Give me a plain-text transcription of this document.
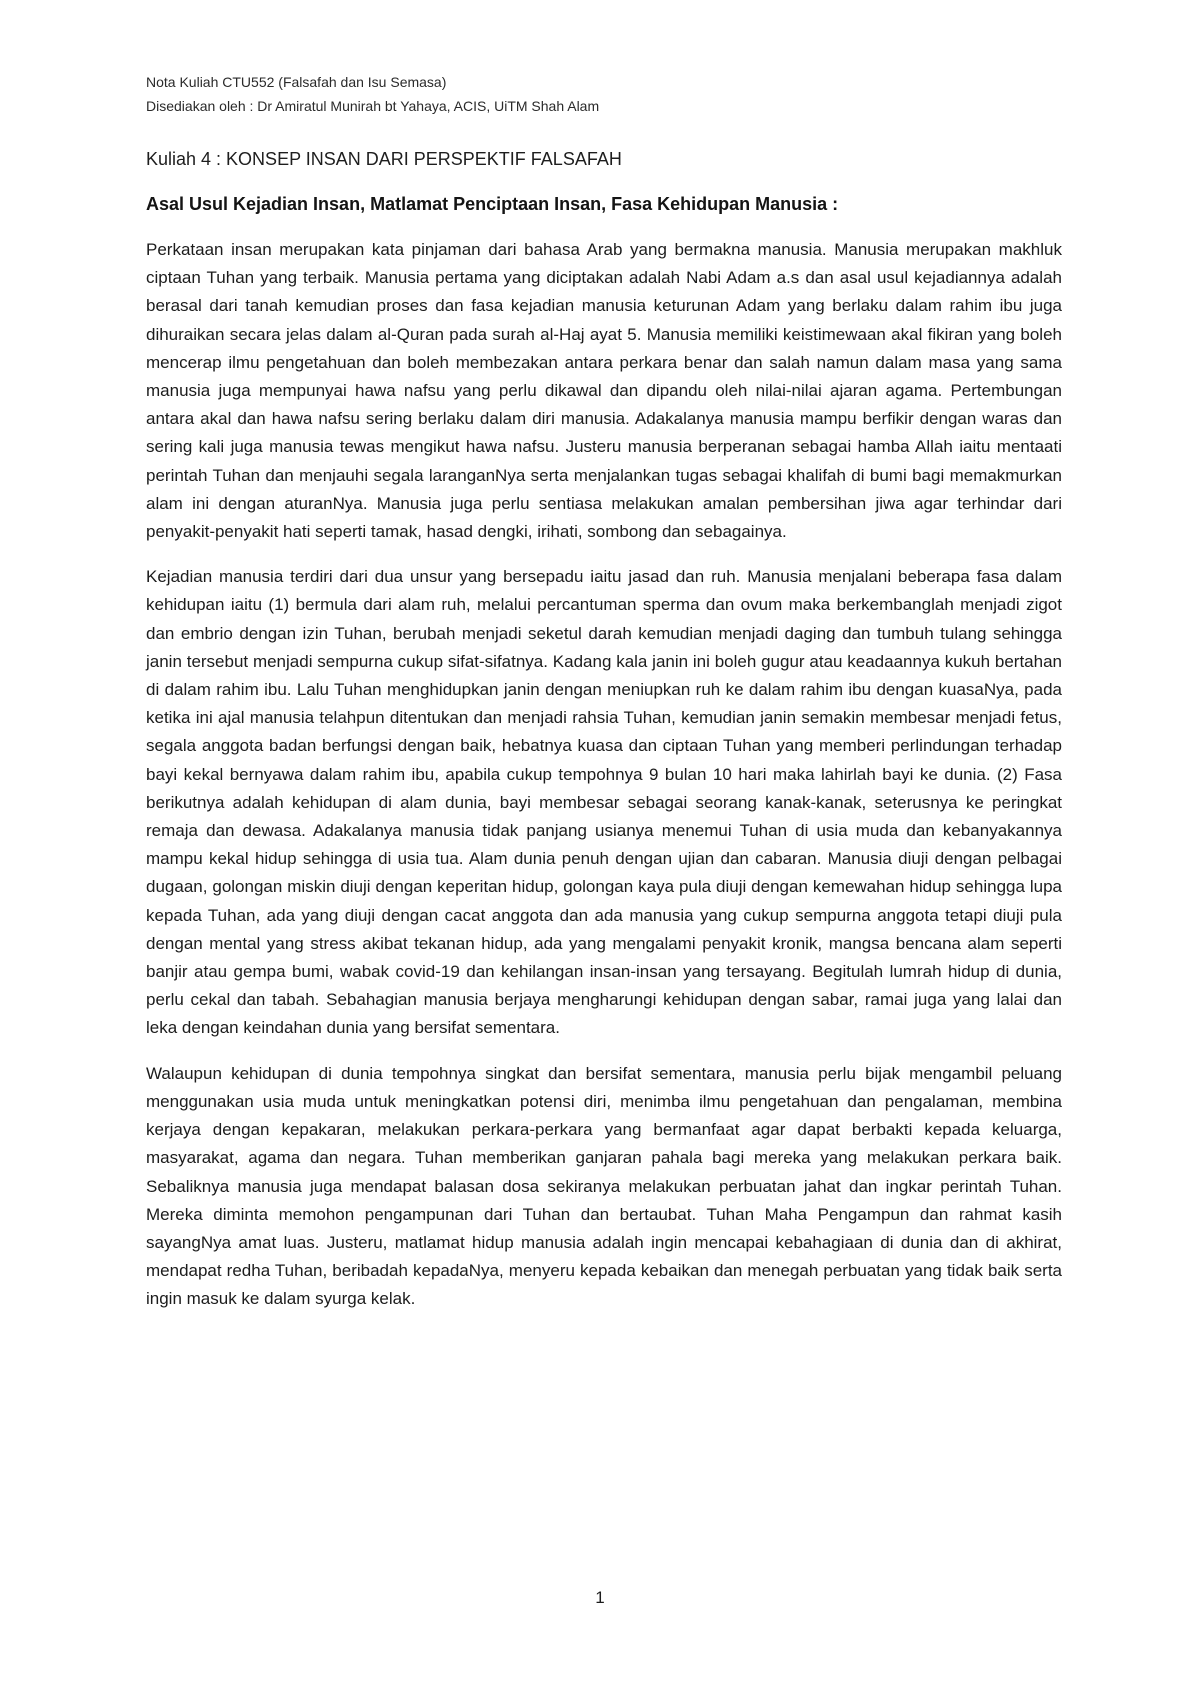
Nota Kuliah CTU552 (Falsafah dan Isu Semasa)
Disediakan oleh : Dr Amiratul Munirah bt Yahaya, ACIS, UiTM Shah Alam
Kuliah 4 : KONSEP INSAN DARI PERSPEKTIF FALSAFAH
Asal Usul Kejadian Insan, Matlamat Penciptaan Insan, Fasa Kehidupan Manusia :

Perkataan insan merupakan kata pinjaman dari bahasa Arab yang bermakna manusia. Manusia merupakan makhluk ciptaan Tuhan yang terbaik. Manusia pertama yang diciptakan adalah Nabi Adam a.s dan asal usul kejadiannya adalah berasal dari tanah kemudian proses dan fasa kejadian manusia keturunan Adam yang berlaku dalam rahim ibu juga dihuraikan secara jelas dalam al-Quran pada surah al-Haj ayat 5. Manusia memiliki keistimewaan akal fikiran yang boleh mencerap ilmu pengetahuan dan boleh membezakan antara perkara benar dan salah namun dalam masa yang sama manusia juga mempunyai hawa nafsu yang perlu dikawal dan dipandu oleh nilai-nilai ajaran agama. Pertembungan antara akal dan hawa nafsu sering berlaku dalam diri manusia. Adakalanya manusia mampu berfikir dengan waras dan sering kali juga manusia tewas mengikut hawa nafsu. Justeru manusia berperanan sebagai hamba Allah iaitu mentaati perintah Tuhan dan menjauhi segala laranganNya serta menjalankan tugas sebagai khalifah di bumi bagi memakmurkan alam ini dengan aturanNya. Manusia juga perlu sentiasa melakukan amalan pembersihan jiwa agar terhindar dari penyakit-penyakit hati seperti tamak, hasad dengki, irihati, sombong dan sebagainya.

Kejadian manusia terdiri dari dua unsur yang bersepadu iaitu jasad dan ruh. Manusia menjalani beberapa fasa dalam kehidupan iaitu (1) bermula dari alam ruh, melalui percantuman sperma dan ovum maka berkembanglah menjadi zigot dan embrio dengan izin Tuhan, berubah menjadi seketul darah kemudian menjadi daging dan tumbuh tulang sehingga janin tersebut menjadi sempurna cukup sifat-sifatnya. Kadang kala janin ini boleh gugur atau keadaannya kukuh bertahan di dalam rahim ibu. Lalu Tuhan menghidupkan janin dengan meniupkan ruh ke dalam rahim ibu dengan kuasaNya, pada ketika ini ajal manusia telahpun ditentukan dan menjadi rahsia Tuhan, kemudian janin semakin membesar menjadi fetus, segala anggota badan berfungsi dengan baik, hebatnya kuasa dan ciptaan Tuhan yang memberi perlindungan terhadap bayi kekal bernyawa dalam rahim ibu, apabila cukup tempohnya 9 bulan 10 hari maka lahirlah bayi ke dunia. (2) Fasa berikutnya adalah kehidupan di alam dunia, bayi membesar sebagai seorang kanak-kanak, seterusnya ke peringkat remaja dan dewasa. Adakalanya manusia tidak panjang usianya menemui Tuhan di usia muda dan kebanyakannya mampu kekal hidup sehingga di usia tua. Alam dunia penuh dengan ujian dan cabaran. Manusia diuji dengan pelbagai dugaan, golongan miskin diuji dengan keperitan hidup, golongan kaya pula diuji dengan kemewahan hidup sehingga lupa kepada Tuhan, ada yang diuji dengan cacat anggota dan ada manusia yang cukup sempurna anggota tetapi diuji pula dengan mental yang stress akibat tekanan hidup, ada yang mengalami penyakit kronik, mangsa bencana alam seperti banjir atau gempa bumi, wabak covid-19 dan kehilangan insan-insan yang tersayang. Begitulah lumrah hidup di dunia, perlu cekal dan tabah. Sebahagian manusia berjaya mengharungi kehidupan dengan sabar, ramai juga yang lalai dan leka dengan keindahan dunia yang bersifat sementara.

Walaupun kehidupan di dunia tempohnya singkat dan bersifat sementara, manusia perlu bijak mengambil peluang menggunakan usia muda untuk meningkatkan potensi diri, menimba ilmu pengetahuan dan pengalaman, membina kerjaya dengan kepakaran, melakukan perkara-perkara yang bermanfaat agar dapat berbakti kepada keluarga, masyarakat, agama dan negara. Tuhan memberikan ganjaran pahala bagi mereka yang melakukan perkara baik. Sebaliknya manusia juga mendapat balasan dosa sekiranya melakukan perbuatan jahat dan ingkar perintah Tuhan. Mereka diminta memohon pengampunan dari Tuhan dan bertaubat. Tuhan Maha Pengampun dan rahmat kasih sayangNya amat luas. Justeru, matlamat hidup manusia adalah ingin mencapai kebahagiaan di dunia dan di akhirat, mendapat redha Tuhan, beribadah kepadaNya, menyeru kepada kebaikan dan menegah perbuatan yang tidak baik serta ingin masuk ke dalam syurga kelak.

1
